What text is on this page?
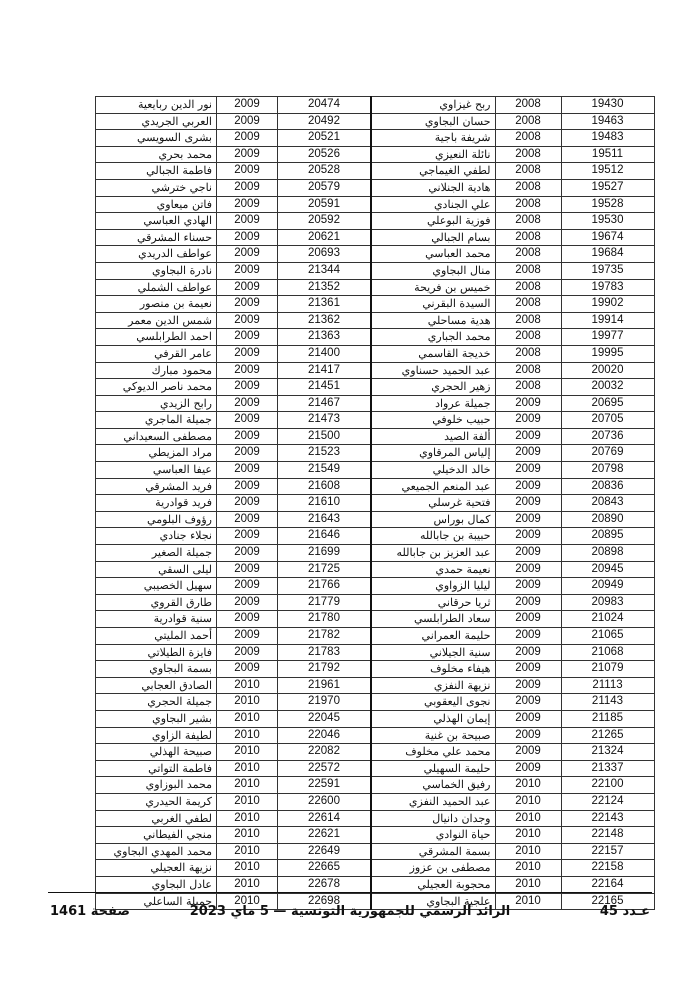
نور الدين ربايعية	2009	20474	ربح غيزاوي	2008	19430
العربي الجريدي	2009	20492	حسان البجاوي	2008	19463
بشرى السويسي	2009	20521	شريفة باجية	2008	19483
محمد بحري	2009	20526	نائلة النعيزي	2008	19511
فاطمة الجبالي	2009	20528	لطفي الغيماجي	2008	19512
ناجي خترشي	2009	20579	هادية الجنلاني	2008	19527
فاتن ميعاوي	2009	20591	علي الجنادي	2008	19528
الهادي العباسي	2009	20592	فوزية البوعلي	2008	19530
حسناء المشرقي	2009	20621	بسام الجبالي	2008	19674
عواطف الدريدي	2009	20693	محمد العباسي	2008	19684
نادرة البجاوي	2009	21344	منال البجاوي	2008	19735
عواطف الشملي	2009	21352	خميس بن فريحة	2008	19783
نعيمة بن منصور	2009	21361	السيدة البقرني	2008	19902
شمس الدين معمر	2009	21362	هدية مساحلي	2008	19914
احمد الطرابلسي	2009	21363	محمد الجباري	2008	19977
عامر القرفي	2009	21400	خديجة القاسمي	2008	19995
محمود مبارك	2009	21417	عبد الحميد حسناوي	2008	20020
محمد ناصر الديوكي	2009	21451	زهير الحجري	2008	20032
رابح الزيدي	2009	21467	جميلة عرواد	2009	20695
جميلة الماجري	2009	21473	حبيب خلوفي	2009	20705
مصطفى السعيداني	2009	21500	ألفة الصيد	2009	20736
مراد المزيطي	2009	21523	إلياس المرقاوي	2009	20769
عيفا العباسي	2009	21549	خالد الدخيلي	2009	20798
فريد المشرقي	2009	21608	عبد المنعم الجميعي	2009	20836
فريد قوادرية	2009	21610	فتحية غرسلي	2009	20843
رؤوف البلومي	2009	21643	كمال بوراس	2009	20890
نجلاء جنادي	2009	21646	حبيبة بن جابالله	2009	20895
جميلة الصغير	2009	21699	عبد العزيز بن جابالله	2009	20898
ليلى السقي	2009	21725	نعيمة حمدي	2009	20945
سهيل الخصيبي	2009	21766	ليليا الزواوي	2009	20949
طارق القروي	2009	21779	ثريا حرقاني	2009	20983
سنية قوادرية	2009	21780	سعاد الطرابلسي	2009	21024
أحمد المليتي	2009	21782	حليمة العمراني	2009	21065
فايزة الطيلاتي	2009	21783	سنية الجيلاني	2009	21068
بسمة البجاوي	2009	21792	هيفاء مخلوف	2009	21079
الصادق العجابي	2010	21961	نزيهة النفزي	2009	21113
جميلة الحجري	2010	21970	نجوى اليعقوبي	2009	21143
بشير البجاوي	2010	22045	إيمان الهذلي	2009	21185
لطيفة الزاوي	2010	22046	صبيحة بن غنية	2009	21265
صبيحة الهذلي	2010	22082	محمد علي مخلوف	2009	21324
فاطمة التواتي	2010	22572	حليمة السهيلي	2009	21337
محمد البوزاوي	2010	22591	رفيق الخماسي	2010	22100
كريمة الحيدري	2010	22600	عبد الحميد النفزي	2010	22124
لطفي الغربي	2010	22614	وجدان دانيال	2010	22143
منجي الفيطاني	2010	22621	حياة النوادي	2010	22148
محمد المهدي البجاوي	2010	22649	بسمة المشرقي	2010	22157
نزيهة العجيلي	2010	22665	مصطفى بن عزوز	2010	22158
عادل البجاوي	2010	22678	محجوبة العجيلي	2010	22164
جميلة الساعلي	2010	22698	علجية البجاوي	2010	22165
صفحة 1461	الرائد الرسمي للجمهورية التونسية — 5 ماي 2023	عـدد 45
